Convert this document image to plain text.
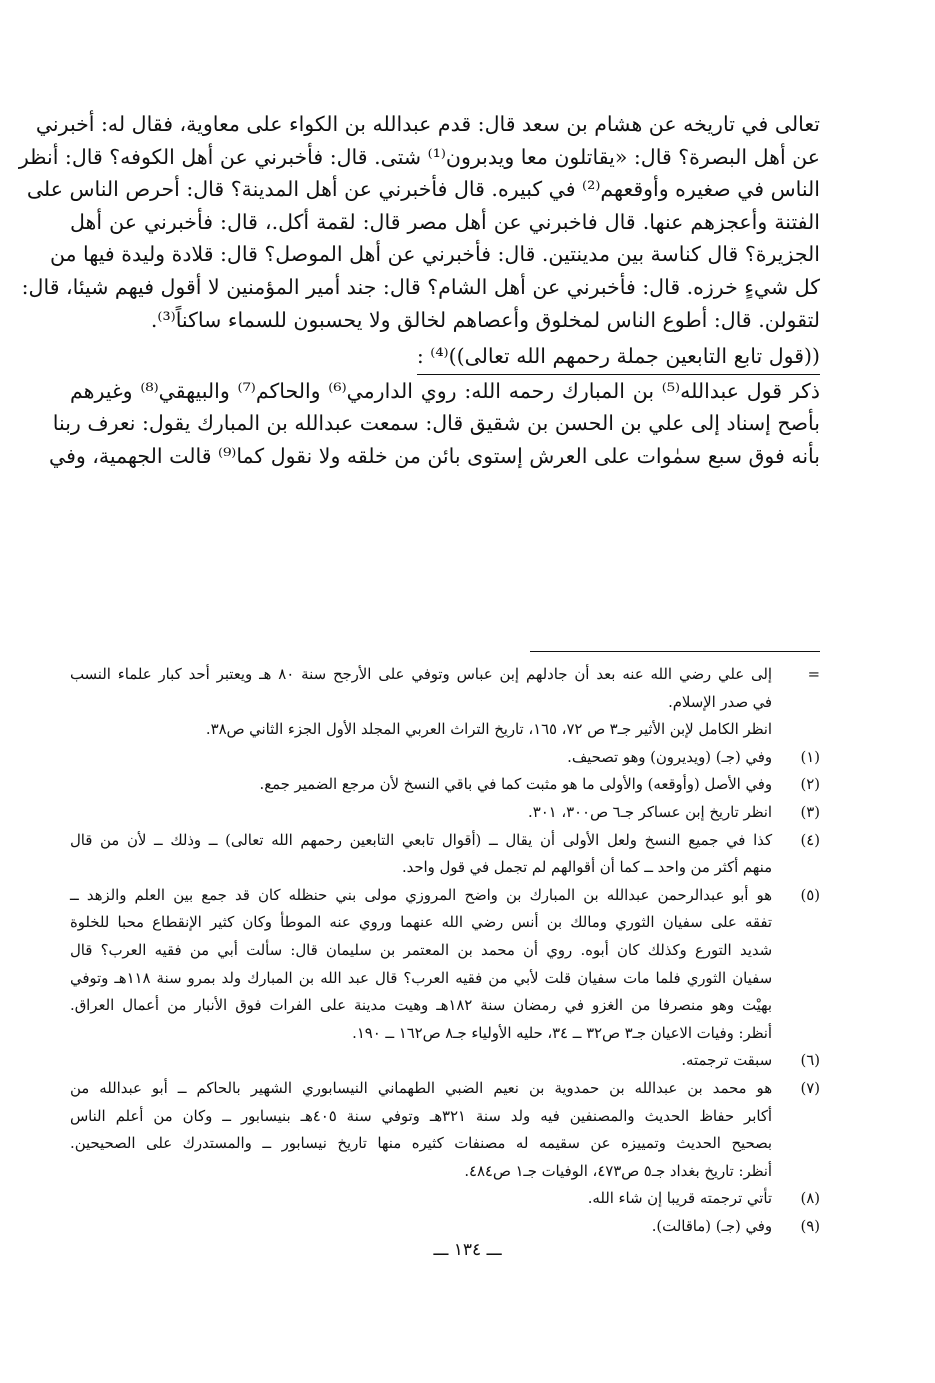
تعالى في تاريخه عن هشام بن سعد قال: قدم عبدالله بن الكواء على معاوية، فقال له: أخبرني
عن أهل البصرة؟ قال: «يقاتلون معا ويدبرون⁽¹⁾ شتى. قال: فأخبرني عن أهل الكوفه؟ قال: أنظر
الناس في صغيره وأوقعهم⁽²⁾ في كبيره. قال فأخبرني عن أهل المدينة؟ قال: أحرص الناس على
الفتنة وأعجزهم عنها. قال فاخبرني عن أهل مصر قال: لقمة أكل.، قال: فأخبرني عن أهل
الجزيرة؟ قال كناسة بين مدينتين. قال: فأخبرني عن أهل الموصل؟ قال: قلادة وليدة فيها من
كل شيءٍ خرزه. قال: فأخبرني عن أهل الشام؟ قال: جند أمير المؤمنين لا أقول فيهم شيئا، قال:
لتقولن. قال: أطوع الناس لمخلوق وأعصاهم لخالق ولا يحسبون للسماء ساكناً⁽³⁾.

((قول تابع التابعين جملة رحمهم الله تعالى))⁽⁴⁾ :

ذكر قول عبدالله⁽⁵⁾ بن المبارك رحمه الله: روي الدارمي⁽⁶⁾ والحاكم⁽⁷⁾ والبيهقي⁽⁸⁾ وغيرهم
بأصح إسناد إلى علي بن الحسن بن شقيق قال: سمعت عبدالله بن المبارك يقول: نعرف ربنا
بأنه فوق سبع سمٰوات على العرش إستوى بائن من خلقه ولا نقول كما⁽⁹⁾ قالت الجهمية، وفي

=
إلى علي رضي الله عنه بعد أن جادلهم إبن عباس وتوفي على الأرجح سنة ٨٠ هـ ويعتبر أحد كبار علماء النسب
في صدر الإسلام.
انظر الكامل لإبن الأثير جـ٣ ص ٧٢، ١٦٥، تاريخ التراث العربي المجلد الأول الجزء الثاني ص٣٨.
(١)
وفي (جـ) (ويديرون) وهو تصحيف.
(٢)
وفي الأصل (وأوقعه) والأولى ما هو مثبت كما في باقي النسخ لأن مرجع الضمير جمع.
(٣)
انظر تاريخ إبن عساكر جـ٦ ص٣٠٠، ٣٠١.
(٤)
كذا في جميع النسخ ولعل الأولى أن يقال ــ (أقوال تابعي التابعين رحمهم الله تعالى) ــ وذلك ــ لأن من قال
منهم أكثر من واحد ــ كما أن أقوالهم لم تجمل في قول واحد.
(٥)
هو أبو عبدالرحمن عبدالله بن المبارك بن واضح المروزي مولى بني حنظله كان قد جمع بين العلم والزهد ــ
تفقه على سفيان الثوري ومالك بن أنس رضي الله عنهما وروي عنه الموطأ وكان كثير الإنقطاع محبا للخلوة
شديد التورع وكذلك كان أبوه. روي أن محمد بن المعتمر بن سليمان قال: سألت أبي من فقيه العرب؟ قال
سفيان الثوري فلما مات سفيان قلت لأبي من فقيه العرب؟ قال عبد الله بن المبارك ولد بمرو سنة ١١٨هـ وتوفي
بهيْت وهو منصرفا من الغزو في رمضان سنة ١٨٢هـ وهيت مدينة على الفرات فوق الأنبار من أعمال العراق.
أنظر: وفيات الاعيان جـ٣ ص٣٢ ــ ٣٤، حليه الأولياء جـ٨ ص١٦٢ ــ ١٩٠.
(٦)
سبقت ترجمته.
(٧)
هو محمد بن عبدالله بن حمدوية بن نعيم الضبي الطهماني النيسابوري الشهير بالحاكم ــ أبو عبدالله من
أكابر حفاظ الحديث والمصنفين فيه ولد سنة ٣٢١هـ وتوفي سنة ٤٠٥هـ بنيسابور ــ وكان من أعلم الناس
بصحيح الحديث وتمييزه عن سقيمه له مصنفات كثيره منها تاريخ نيسابور ــ والمستدرك على الصحيحين.
أنظر: تاريخ بغداد جـ٥ ص٤٧٣، الوفيات جـ١ ص٤٨٤.
(٨)
تأتي ترجمته قريبا إن شاء الله.
(٩)
وفي (جـ) (ماقالت).
ـــ ١٣٤ ـــ
